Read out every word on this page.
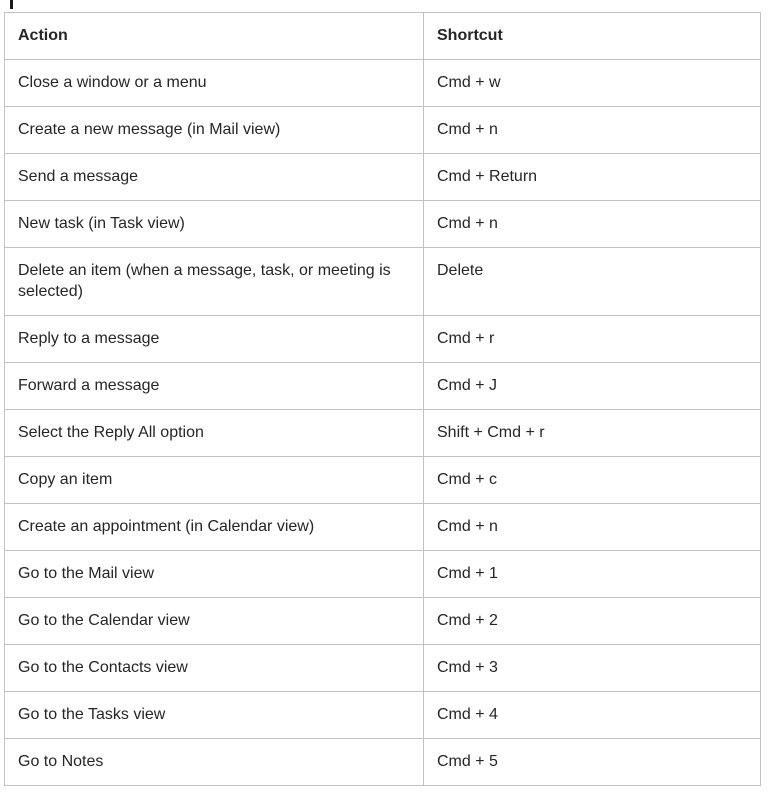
Action	Shortcut
Close a window or a menu	Cmd + w
Create a new message (in Mail view)	Cmd + n
Send a message	Cmd + Return
New task (in Task view)	Cmd + n
Delete an item (when a message, task, or meeting is selected)	Delete
Reply to a message	Cmd + r
Forward a message	Cmd + J
Select the Reply All option	Shift + Cmd + r
Copy an item	Cmd + c
Create an appointment (in Calendar view)	Cmd + n
Go to the Mail view	Cmd + 1
Go to the Calendar view	Cmd + 2
Go to the Contacts view	Cmd + 3
Go to the Tasks view	Cmd + 4
Go to Notes	Cmd + 5
